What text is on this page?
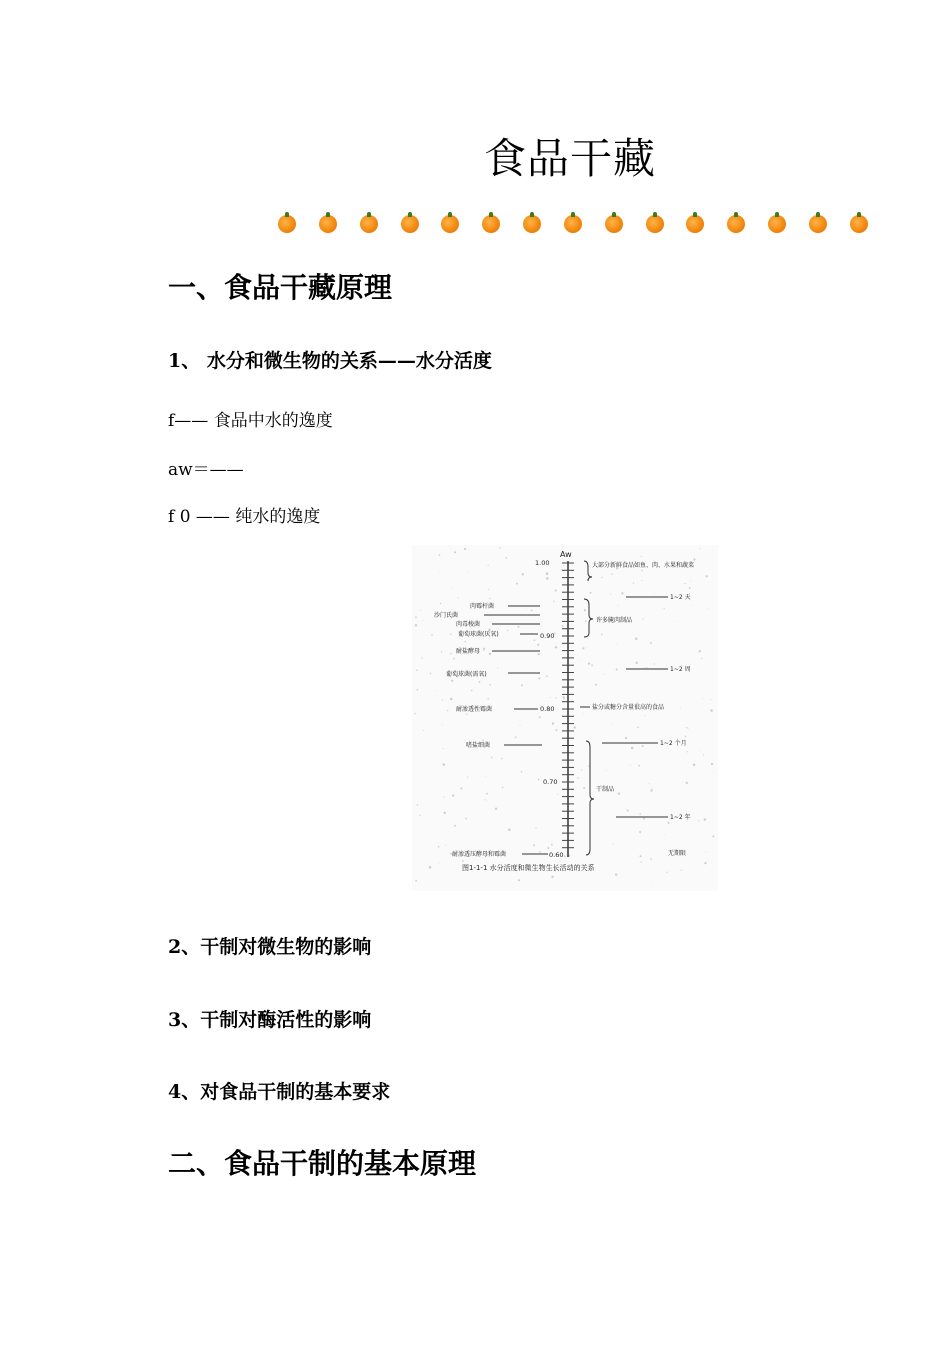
食品干藏
一、食品干藏原理
1、 水分和微生物的关系——水分活度
f—— 食品中水的逸度
aw＝——
f 0 —— 纯水的逸度
Aw
1.00
0.90
0.80
0.70
0.60
肉霉杆菌
沙门氏菌
肉毒梭菌
葡萄球菌(厌氧)
耐盐酵母
葡萄球菌(需氧)
耐渗透性霉菌
嗜盐细菌
耐渗透压酵母和霉菌
大部分新鲜食品如鱼、肉、水果和蔬菜
许多腌肉制品
盐分或糖分含量很高的食品
干制品
1~2 天
1~2 周
1~2 个月
1~2 年
无期限
图1-1-1 水分活度和微生物生长活动的关系
2、干制对微生物的影响
3、干制对酶活性的影响
4、对食品干制的基本要求
二、食品干制的基本原理
